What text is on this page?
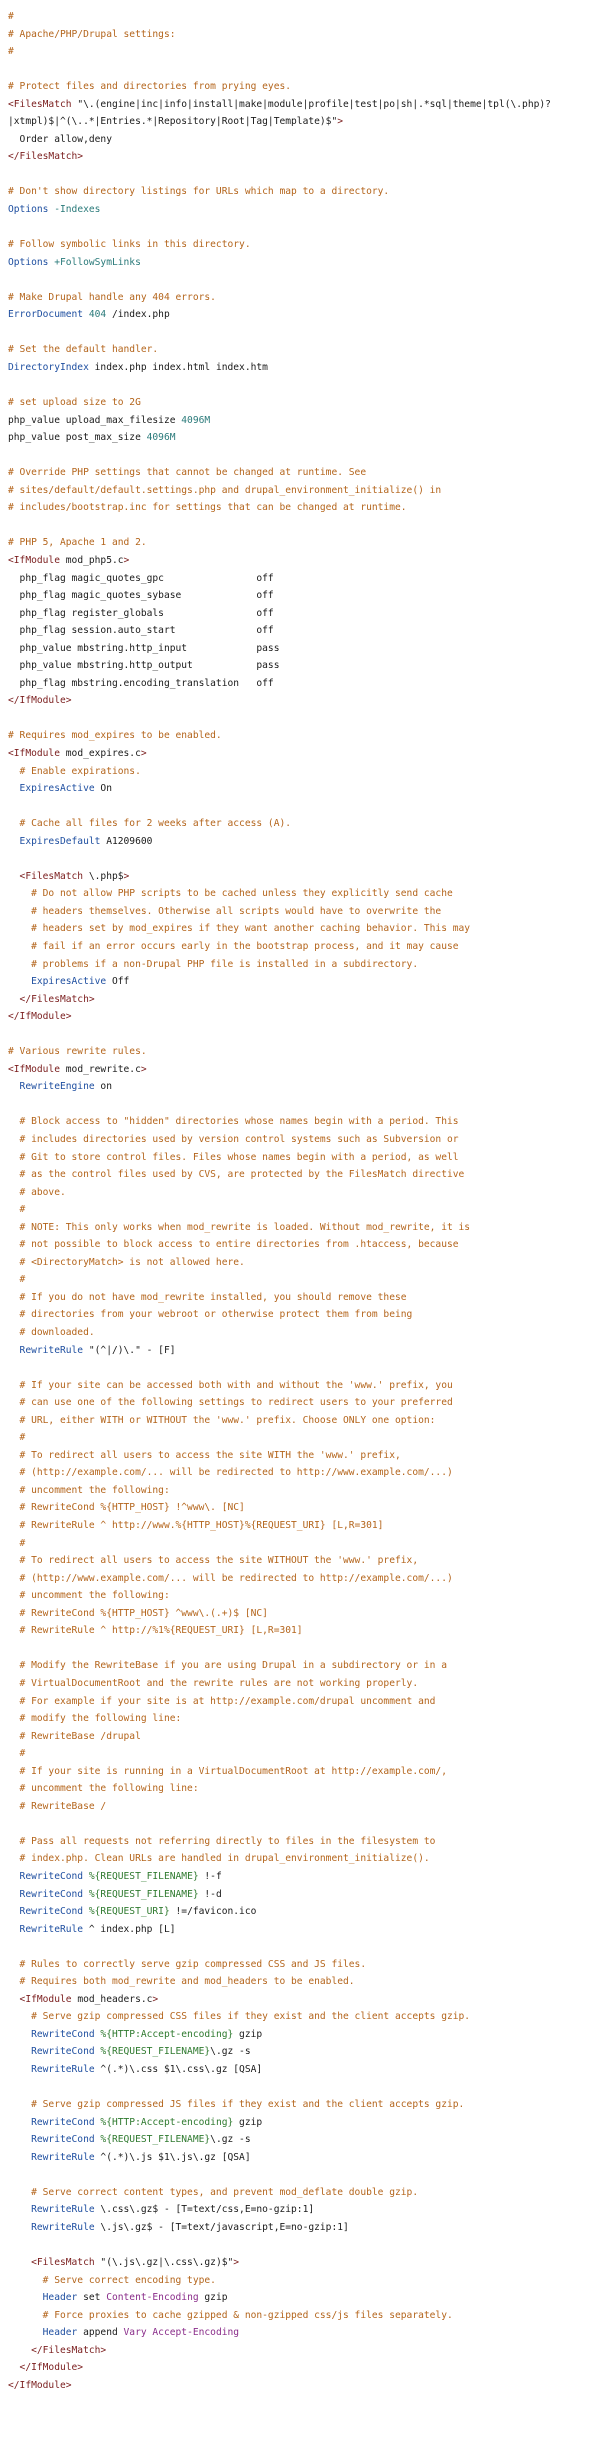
#
# Apache/PHP/Drupal settings:
#

# Protect files and directories from prying eyes.
<FilesMatch "\.(engine|inc|info|install|make|module|profile|test|po|sh|.*sql|theme|tpl(\.php)?
|xtmpl)$|^(\..*|Entries.*|Repository|Root|Tag|Template)$">
Order allow,deny
</FilesMatch>

# Don't show directory listings for URLs which map to a directory.
Options -Indexes

# Follow symbolic links in this directory.
Options +FollowSymLinks

# Make Drupal handle any 404 errors.
ErrorDocument 404 /index.php

# Set the default handler.
DirectoryIndex index.php index.html index.htm

# set upload size to 2G
php_value upload_max_filesize 4096M
php_value post_max_size 4096M

# Override PHP settings that cannot be changed at runtime. See
# sites/default/default.settings.php and drupal_environment_initialize() in
# includes/bootstrap.inc for settings that can be changed at runtime.

# PHP 5, Apache 1 and 2.
<IfModule mod_php5.c>
php_flag magic_quotes_gpc                off
php_flag magic_quotes_sybase             off
php_flag register_globals                off
php_flag session.auto_start              off
php_value mbstring.http_input            pass
php_value mbstring.http_output           pass
php_flag mbstring.encoding_translation   off
</IfModule>

# Requires mod_expires to be enabled.
<IfModule mod_expires.c>
# Enable expirations.
ExpiresActive On

# Cache all files for 2 weeks after access (A).
ExpiresDefault A1209600

<FilesMatch \.php$>
# Do not allow PHP scripts to be cached unless they explicitly send cache
# headers themselves. Otherwise all scripts would have to overwrite the
# headers set by mod_expires if they want another caching behavior. This may
# fail if an error occurs early in the bootstrap process, and it may cause
# problems if a non-Drupal PHP file is installed in a subdirectory.
ExpiresActive Off
</FilesMatch>
</IfModule>

# Various rewrite rules.
<IfModule mod_rewrite.c>
RewriteEngine on

# Block access to "hidden" directories whose names begin with a period. This
# includes directories used by version control systems such as Subversion or
# Git to store control files. Files whose names begin with a period, as well
# as the control files used by CVS, are protected by the FilesMatch directive
# above.
#
# NOTE: This only works when mod_rewrite is loaded. Without mod_rewrite, it is
# not possible to block access to entire directories from .htaccess, because
# <DirectoryMatch> is not allowed here.
#
# If you do not have mod_rewrite installed, you should remove these
# directories from your webroot or otherwise protect them from being
# downloaded.
RewriteRule "(^|/)\." - [F]

# If your site can be accessed both with and without the 'www.' prefix, you
# can use one of the following settings to redirect users to your preferred
# URL, either WITH or WITHOUT the 'www.' prefix. Choose ONLY one option:
#
# To redirect all users to access the site WITH the 'www.' prefix,
# (http://example.com/... will be redirected to http://www.example.com/...)
# uncomment the following:
# RewriteCond %{HTTP_HOST} !^www\. [NC]
# RewriteRule ^ http://www.%{HTTP_HOST}%{REQUEST_URI} [L,R=301]
#
# To redirect all users to access the site WITHOUT the 'www.' prefix,
# (http://www.example.com/... will be redirected to http://example.com/...)
# uncomment the following:
# RewriteCond %{HTTP_HOST} ^www\.(.+)$ [NC]
# RewriteRule ^ http://%1%{REQUEST_URI} [L,R=301]

# Modify the RewriteBase if you are using Drupal in a subdirectory or in a
# VirtualDocumentRoot and the rewrite rules are not working properly.
# For example if your site is at http://example.com/drupal uncomment and
# modify the following line:
# RewriteBase /drupal
#
# If your site is running in a VirtualDocumentRoot at http://example.com/,
# uncomment the following line:
# RewriteBase /

# Pass all requests not referring directly to files in the filesystem to
# index.php. Clean URLs are handled in drupal_environment_initialize().
RewriteCond %{REQUEST_FILENAME} !-f
RewriteCond %{REQUEST_FILENAME} !-d
RewriteCond %{REQUEST_URI} !=/favicon.ico
RewriteRule ^ index.php [L]

# Rules to correctly serve gzip compressed CSS and JS files.
# Requires both mod_rewrite and mod_headers to be enabled.
<IfModule mod_headers.c>
# Serve gzip compressed CSS files if they exist and the client accepts gzip.
RewriteCond %{HTTP:Accept-encoding} gzip
RewriteCond %{REQUEST_FILENAME}\.gz -s
RewriteRule ^(.*)\.css $1\.css\.gz [QSA]

# Serve gzip compressed JS files if they exist and the client accepts gzip.
RewriteCond %{HTTP:Accept-encoding} gzip
RewriteCond %{REQUEST_FILENAME}\.gz -s
RewriteRule ^(.*)\.js $1\.js\.gz [QSA]

# Serve correct content types, and prevent mod_deflate double gzip.
RewriteRule \.css\.gz$ - [T=text/css,E=no-gzip:1]
RewriteRule \.js\.gz$ - [T=text/javascript,E=no-gzip:1]

<FilesMatch "(\.js\.gz|\.css\.gz)$">
# Serve correct encoding type.
Header set Content-Encoding gzip
# Force proxies to cache gzipped & non-gzipped css/js files separately.
Header append Vary Accept-Encoding
</FilesMatch>
</IfModule>
</IfModule>
